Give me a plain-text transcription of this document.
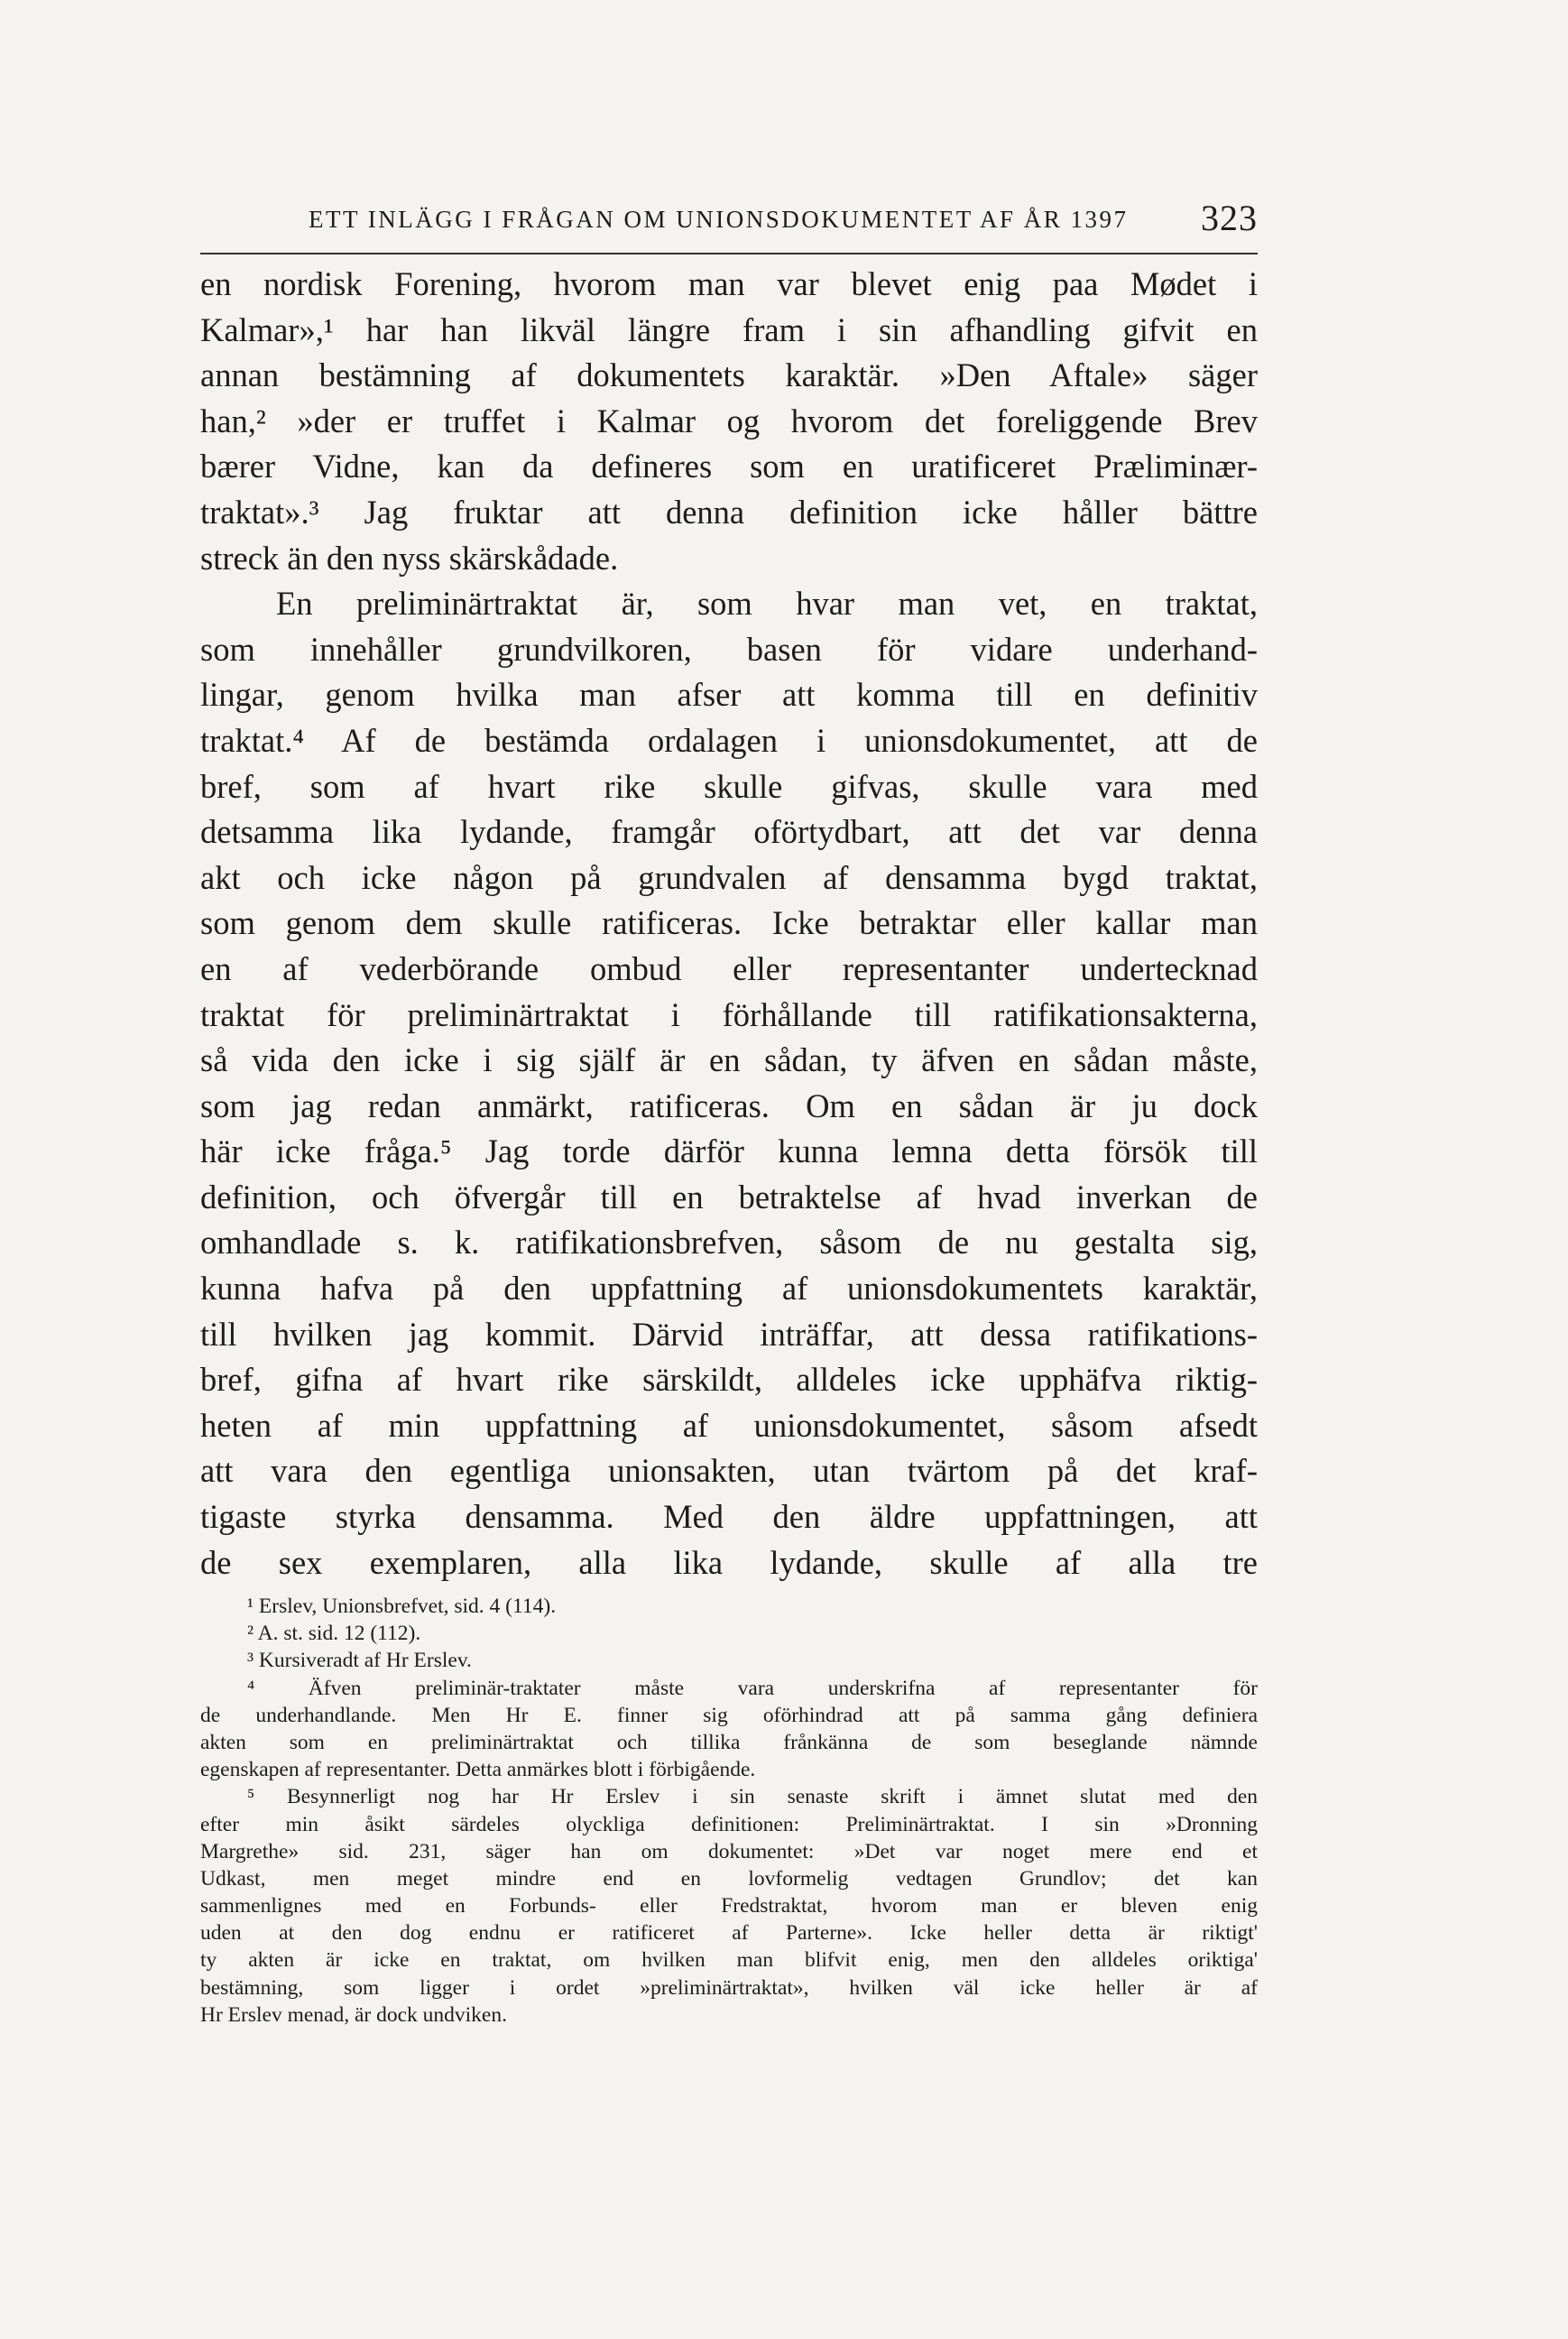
ETT INLÄGG I FRÅGAN OM UNIONSDOKUMENTET AF ÅR 1397 323
en nordisk Forening, hvorom man var blevet enig paa Mødet i
Kalmar»,¹ har han likväl längre fram i sin afhandling gifvit en
annan bestämning af dokumentets karaktär. »Den Aftale» säger
han,² »der er truffet i Kalmar og hvorom det foreliggende Brev
bærer Vidne, kan da defineres som en uratificeret Præliminær-
traktat».³ Jag fruktar att denna definition icke håller bättre
streck än den nyss skärskådade.
En preliminärtraktat är, som hvar man vet, en traktat,
som innehåller grundvilkoren, basen för vidare underhand-
lingar, genom hvilka man afser att komma till en definitiv
traktat.⁴ Af de bestämda ordalagen i unionsdokumentet, att de
bref, som af hvart rike skulle gifvas, skulle vara med
detsamma lika lydande, framgår oförtydbart, att det var denna
akt och icke någon på grundvalen af densamma bygd traktat,
som genom dem skulle ratificeras. Icke betraktar eller kallar man
en af vederbörande ombud eller representanter undertecknad
traktat för preliminärtraktat i förhållande till ratifikationsakterna,
så vida den icke i sig själf är en sådan, ty äfven en sådan måste,
som jag redan anmärkt, ratificeras. Om en sådan är ju dock
här icke fråga.⁵ Jag torde därför kunna lemna detta försök till
definition, och öfvergår till en betraktelse af hvad inverkan de
omhandlade s. k. ratifikationsbrefven, såsom de nu gestalta sig,
kunna hafva på den uppfattning af unionsdokumentets karaktär,
till hvilken jag kommit. Därvid inträffar, att dessa ratifikations-
bref, gifna af hvart rike särskildt, alldeles icke upphäfva riktig-
heten af min uppfattning af unionsdokumentet, såsom afsedt
att vara den egentliga unionsakten, utan tvärtom på det kraf-
tigaste styrka densamma. Med den äldre uppfattningen, att
de sex exemplaren, alla lika lydande, skulle af alla tre
¹ Erslev, Unionsbrefvet, sid. 4 (114).
² A. st. sid. 12 (112).
³ Kursiveradt af Hr Erslev.
⁴ Äfven preliminär-traktater måste vara underskrifna af representanter för
de underhandlande. Men Hr E. finner sig oförhindrad att på samma gång definiera
akten som en preliminärtraktat och tillika frånkänna de som beseglande nämnde
egenskapen af representanter. Detta anmärkes blott i förbigående.
⁵ Besynnerligt nog har Hr Erslev i sin senaste skrift i ämnet slutat med den
efter min åsikt särdeles olyckliga definitionen: Preliminärtraktat. I sin »Dronning
Margrethe» sid. 231, säger han om dokumentet: »Det var noget mere end et
Udkast, men meget mindre end en lovformelig vedtagen Grundlov; det kan
sammenlignes med en Forbunds- eller Fredstraktat, hvorom man er bleven enig
uden at den dog endnu er ratificeret af Parterne». Icke heller detta är riktigt'
ty akten är icke en traktat, om hvilken man blifvit enig, men den alldeles oriktiga'
bestämning, som ligger i ordet »preliminärtraktat», hvilken väl icke heller är af
Hr Erslev menad, är dock undviken.
